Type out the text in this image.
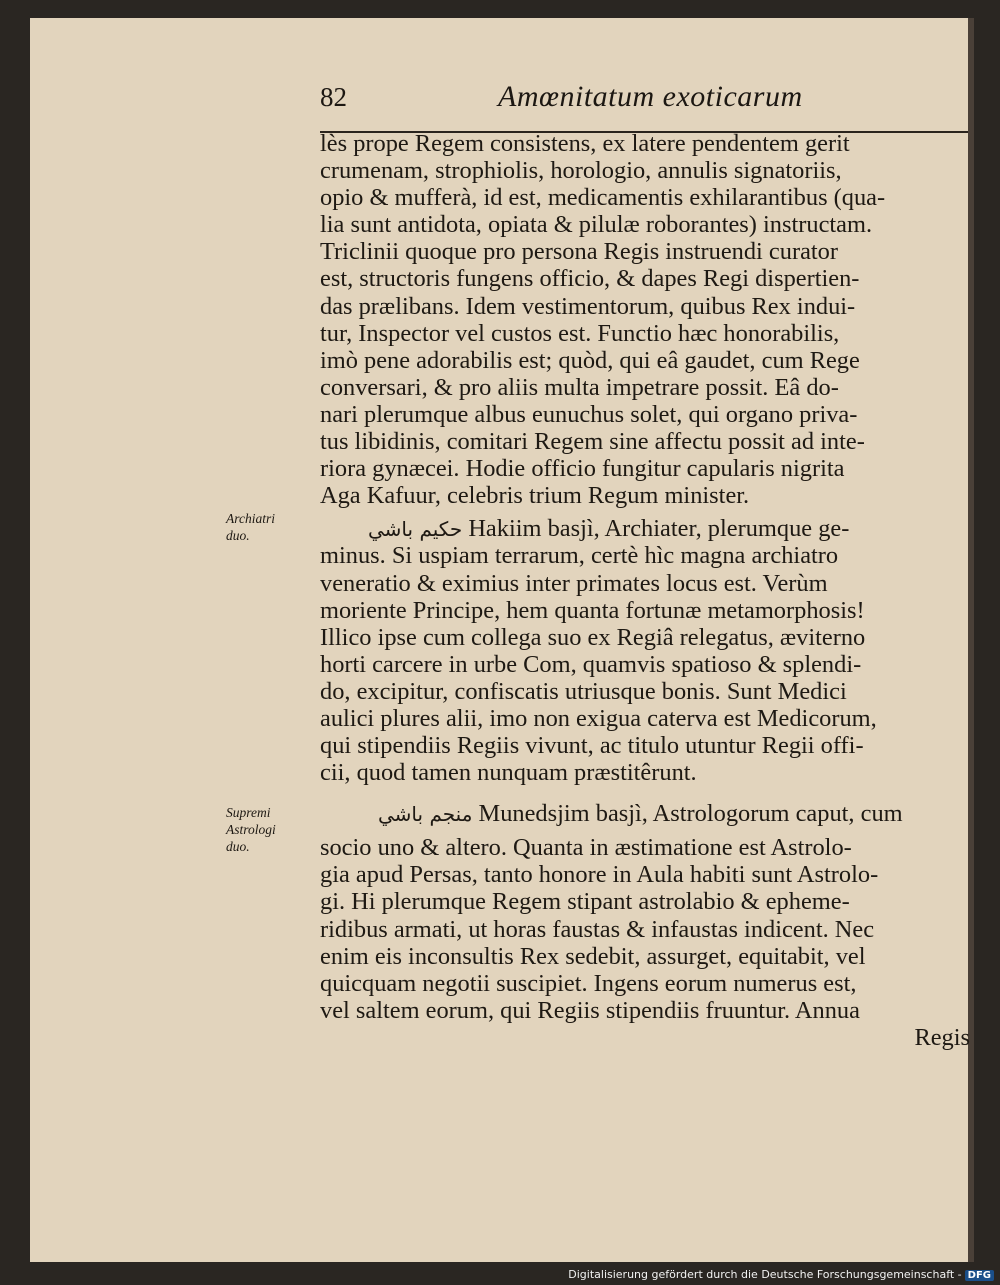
82	Amœnitatum exoticarum
Archiatri
duo.
Supremi
Astrologi
duo.
lès prope Regem consistens, ex latere pendentem gerit
crumenam, strophiolis, horologio, annulis signatoriis,
opio & mufferà, id est, medicamentis exhilarantibus (qua-
lia sunt antidota, opiata & pilulæ roborantes) instructam.
Triclinii quoque pro persona Regis instruendi curator
est, structoris fungens officio, & dapes Regi dispertien-
das prælibans. Idem vestimentorum, quibus Rex indui-
tur, Inspector vel custos est. Functio hæc honorabilis,
imò pene adorabilis est; quòd, qui eâ gaudet, cum Rege
conversari, & pro aliis multa impetrare possit. Eâ do-
nari plerumque albus eunuchus solet, qui organo priva-
tus libidinis, comitari Regem sine affectu possit ad inte-
riora gynæcei. Hodie officio fungitur capularis nigrita
Aga Kafuur, celebris trium Regum minister.
حكيم باشي Hakiim basjì, Archiater, plerumque ge-
minus. Si uspiam terrarum, certè hìc magna archiatro
veneratio & eximius inter primates locus est. Verùm
moriente Principe, hem quanta fortunæ metamorphosis!
Illico ipse cum collega suo ex Regiâ relegatus, æviterno
horti carcere in urbe Com, quamvis spatioso & splendi-
do, excipitur, confiscatis utriusque bonis. Sunt Medici
aulici plures alii, imo non exigua caterva est Medicorum,
qui stipendiis Regiis vivunt, ac titulo utuntur Regii offi-
cii, quod tamen nunquam præstitêrunt.
منجم باشي Munedsjim basjì, Astrologorum caput, cum
socio uno & altero. Quanta in æstimatione est Astrolo-
gia apud Persas, tanto honore in Aula habiti sunt Astrolo-
gi. Hi plerumque Regem stipant astrolabio & epheme-
ridibus armati, ut horas faustas & infaustas indicent. Nec
enim eis inconsultis Rex sedebit, assurget, equitabit, vel
quicquam negotii suscipiet. Ingens eorum numerus est,
vel saltem eorum, qui Regiis stipendiis fruuntur. Annua
Regis
Digitalisierung gefördert durch die Deutsche Forschungsgemeinschaft - DFG
